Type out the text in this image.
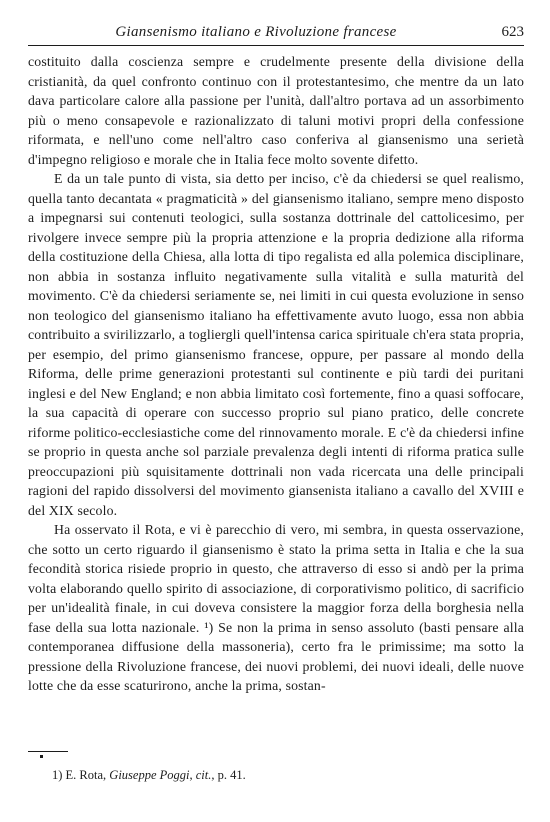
Giansenismo italiano e Rivoluzione francese	623

costituito dalla coscienza sempre e crudelmente presente della divisione della cristianità, da quel confronto continuo con il protestantesimo, che mentre da un lato dava particolare calore alla passione per l'unità, dall'altro portava ad un assorbimento più o meno consapevole e razionalizzato di taluni motivi propri della confessione riformata, e nell'uno come nell'altro caso conferiva al giansenismo una serietà d'impegno religioso e morale che in Italia fece molto sovente difetto.

E da un tale punto di vista, sia detto per inciso, c'è da chiedersi se quel realismo, quella tanto decantata « pragmaticità » del giansenismo italiano, sempre meno disposto a impegnarsi sui contenuti teologici, sulla sostanza dottrinale del cattolicesimo, per rivolgere invece sempre più la propria attenzione e la propria dedizione alla riforma della costituzione della Chiesa, alla lotta di tipo regalista ed alla polemica disciplinare, non abbia in sostanza influito negativamente sulla vitalità e sulla maturità del movimento. C'è da chiedersi seriamente se, nei limiti in cui questa evoluzione in senso non teologico del giansenismo italiano ha effettivamente avuto luogo, essa non abbia contribuito a svirilizzarlo, a togliergli quell'intensa carica spirituale ch'era stata propria, per esempio, del primo giansenismo francese, oppure, per passare al mondo della Riforma, delle prime generazioni protestanti sul continente e più tardi dei puritani inglesi e del New England; e non abbia limitato così fortemente, fino a quasi soffocare, la sua capacità di operare con successo proprio sul piano pratico, delle concrete riforme politico-ecclesiastiche come del rinnovamento morale. E c'è da chiedersi infine se proprio in questa anche sol parziale prevalenza degli intenti di riforma pratica sulle preoccupazioni più squisitamente dottrinali non vada ricercata una delle principali ragioni del rapido dissolversi del movimento giansenista italiano a cavallo del XVIII e del XIX secolo.

Ha osservato il Rota, e vi è parecchio di vero, mi sembra, in questa osservazione, che sotto un certo riguardo il giansenismo è stato la prima setta in Italia e che la sua fecondità storica risiede proprio in questo, che attraverso di esso si andò per la prima volta elaborando quello spirito di associazione, di corporativismo politico, di sacrificio per un'idealità finale, in cui doveva consistere la maggior forza della borghesia nella fase della sua lotta nazionale. ¹) Se non la prima in senso assoluto (basti pensare alla contemporanea diffusione della massoneria), certo fra le primissime; ma sotto la pressione della Rivoluzione francese, dei nuovi problemi, dei nuovi ideali, delle nuove lotte che da esse scaturirono, anche la prima, sostan-

1) E. Rota, Giuseppe Poggi, cit., p. 41.
